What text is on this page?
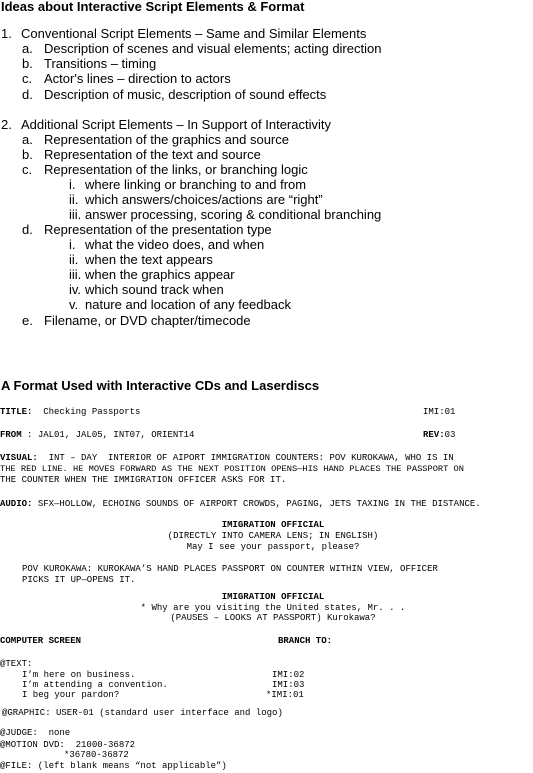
Ideas about Interactive Script Elements & Format
1. Conventional Script Elements – Same and Similar Elements
a. Description of scenes and visual elements; acting direction
b. Transitions – timing
c. Actor's lines – direction to actors
d. Description of music, description of sound effects
2. Additional Script Elements – In Support of Interactivity
a. Representation of the graphics and source
b. Representation of the text and source
c. Representation of the links, or branching logic
i. where linking or branching to and from
ii. which answers/choices/actions are “right”
iii. answer processing, scoring & conditional branching
d. Representation of the presentation type
i. what the video does, and when
ii. when the text appears
iii. when the graphics appear
iv. which sound track when
v. nature and location of any feedback
e. Filename, or DVD chapter/timecode
A Format Used with Interactive CDs and Laserdiscs
TITLE: Checking Passports	IMI:01
FROM : JAL01, JAL05, INT07, ORIENT14	REV:03
VISUAL: INT – DAY  INTERIOR OF AIPORT IMMIGRATION COUNTERS: POV KUROKAWA, WHO IS IN
THE RED LINE. HE MOVES FORWARD AS THE NEXT POSITION OPENS—HIS HAND PLACES THE PASSPORT ON
THE COUNTER WHEN THE IMMIGRATION OFFICER ASKS FOR IT.
AUDIO: SFX—HOLLOW, ECHOING SOUNDS OF AIRPORT CROWDS, PAGING, JETS TAXING IN THE DISTANCE.
IMIGRATION OFFICIAL
(DIRECTLY INTO CAMERA LENS; IN ENGLISH)
May I see your passport, please?
POV KUROKAWA: KUROKAWA’S HAND PLACES PASSPORT ON COUNTER WITHIN VIEW, OFFICER
PICKS IT UP—OPENS IT.
IMIGRATION OFFICIAL
* Why are you visiting the United states, Mr. . .
(PAUSES – LOOKS AT PASSPORT) Kurokawa?
COMPUTER SCREEN	BRANCH TO:
@TEXT:
I’m here on business.	IMI:02
I’m attending a convention.	IMI:03
I beg your pardon?	*IMI:01
@GRAPHIC: USER-01 (standard user interface and logo)
@JUDGE:  none
@MOTION DVD:  21000-36872
*36780-36872
@FILE: (left blank means “not applicable”)
